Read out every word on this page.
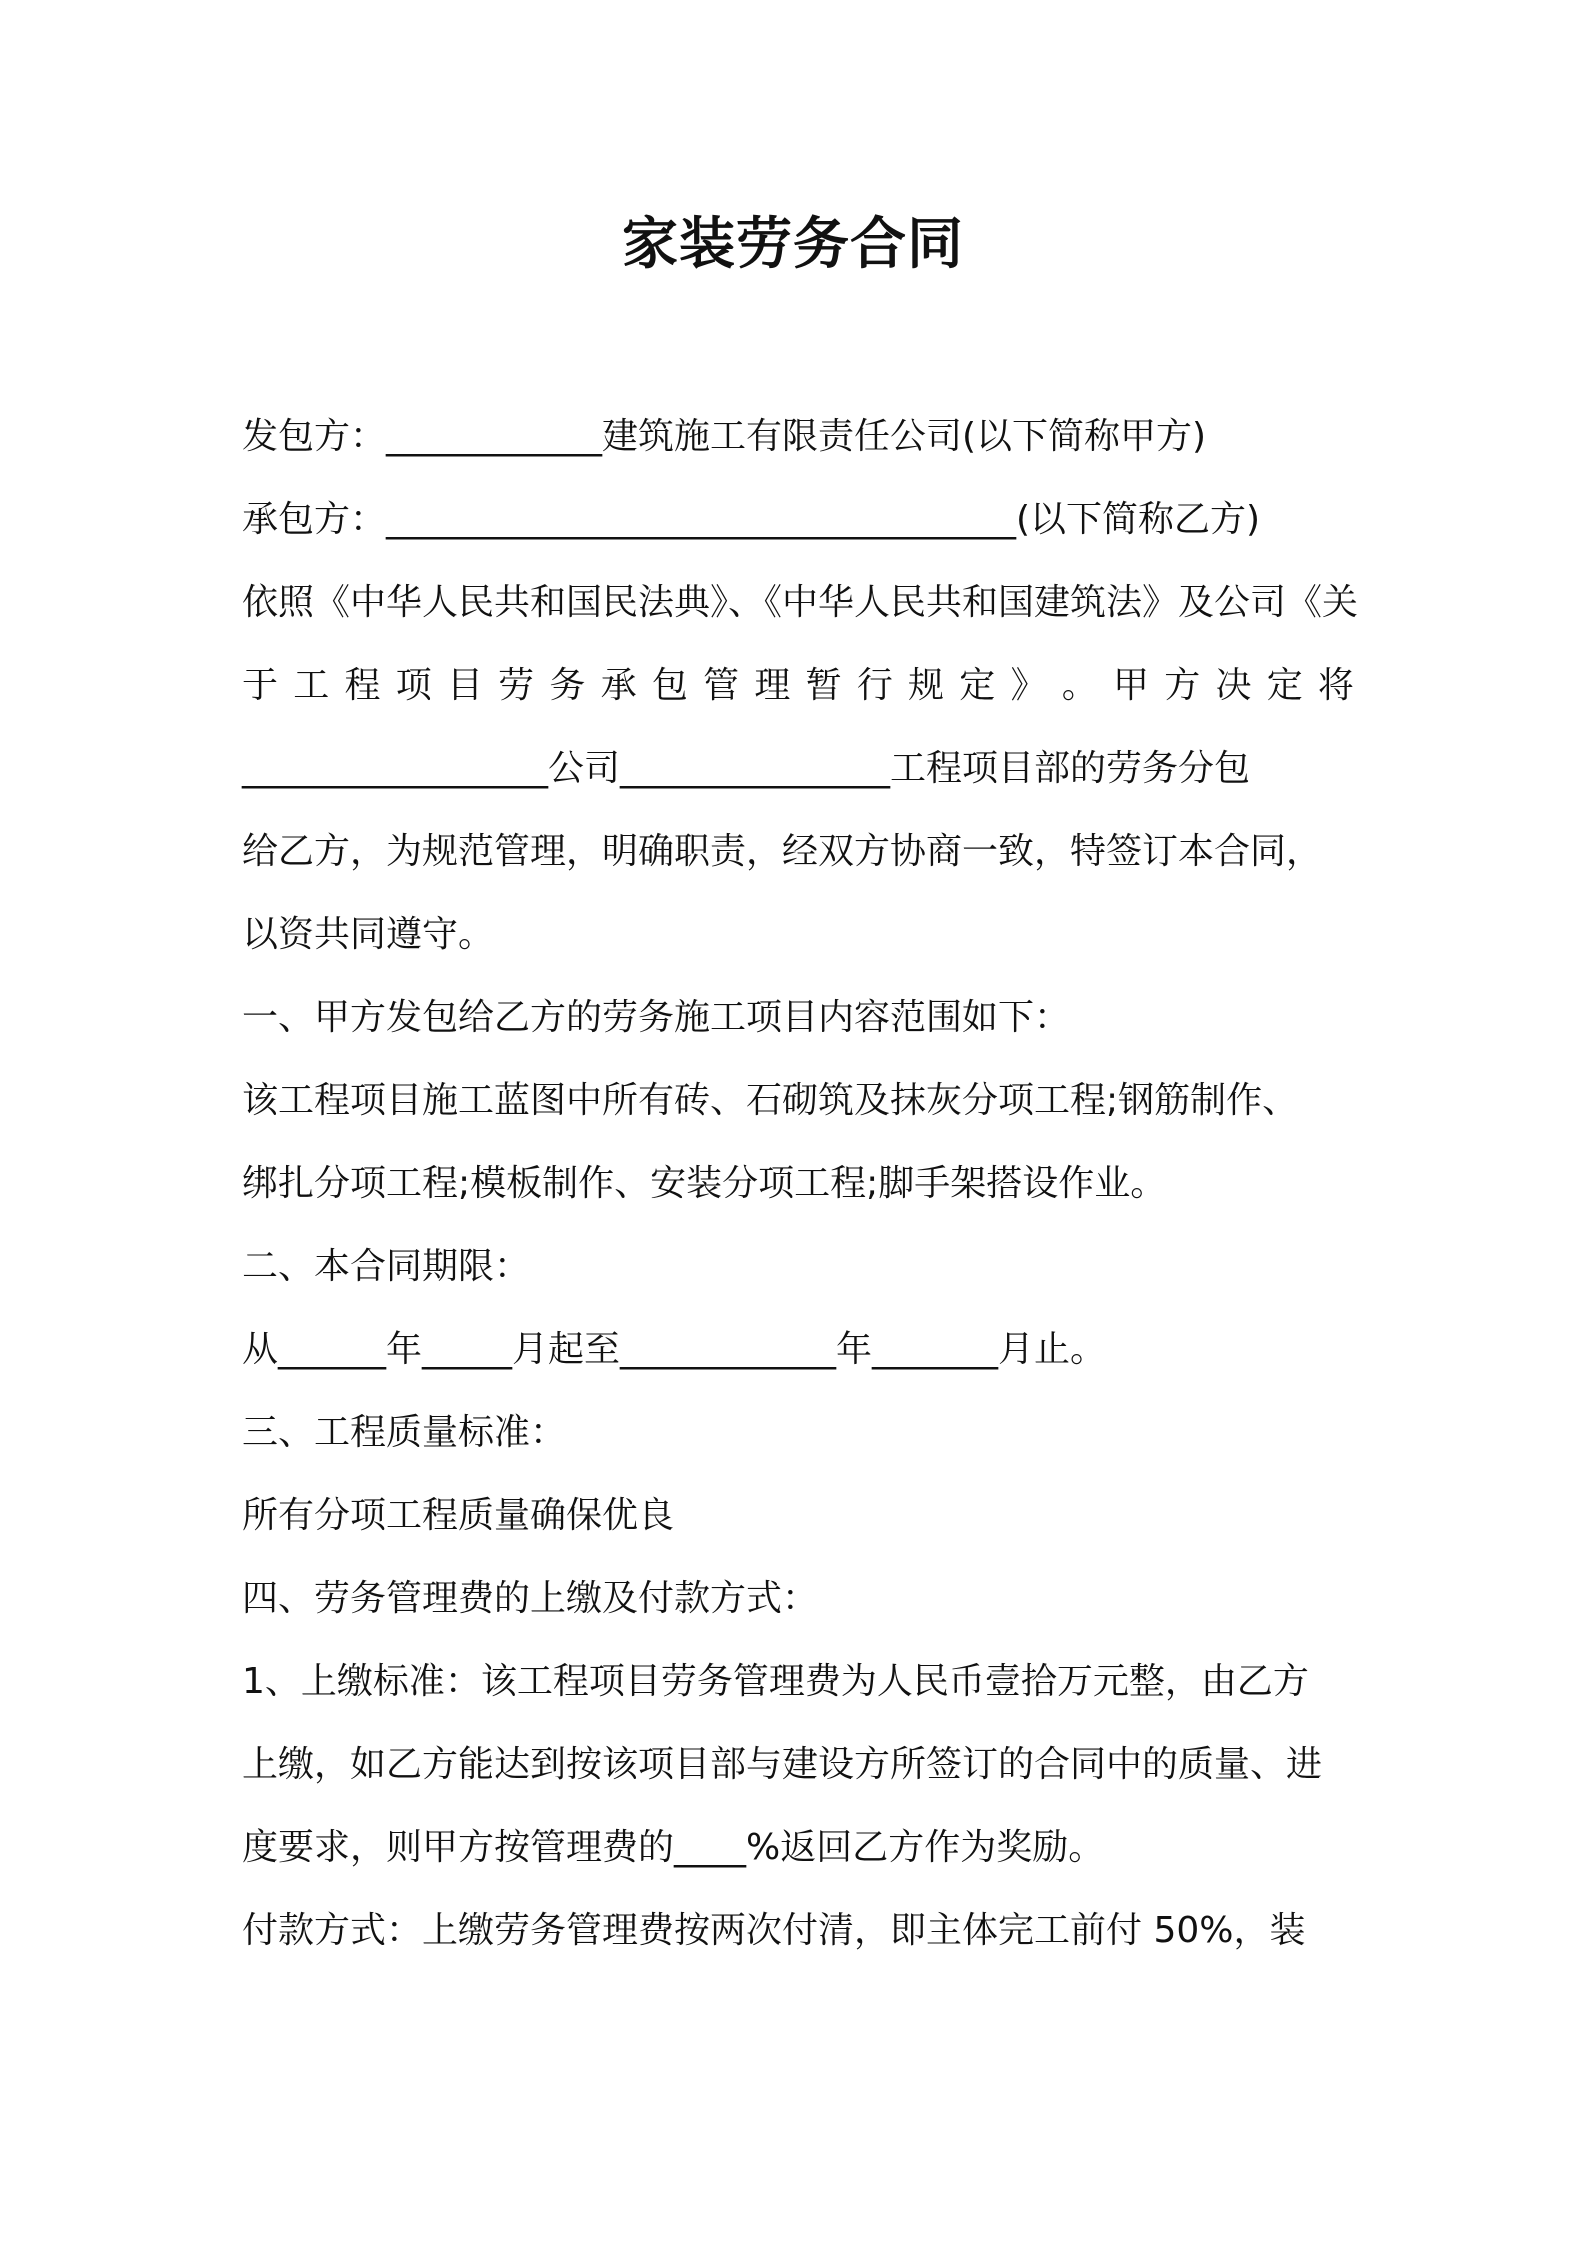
家装劳务合同

发包方：____________建筑施工有限责任公司(以下简称甲方)

承包方：___________________________________(以下简称乙方)

依照《中华人民共和国民法典》、《中华人民共和国建筑法》及公司《关

于 工 程 项 目 劳 务 承 包 管 理 暂 行 规 定 》 。 甲 方 决 定 将

_________________公司_______________工程项目部的劳务分包

给乙方，为规范管理，明确职责，经双方协商一致，特签订本合同，

以资共同遵守。

一、甲方发包给乙方的劳务施工项目内容范围如下：

该工程项目施工蓝图中所有砖、石砌筑及抹灰分项工程;钢筋制作、

绑扎分项工程;模板制作、安装分项工程;脚手架搭设作业。

二、本合同期限：

从______年_____月起至____________年_______月止。

三、工程质量标准：

所有分项工程质量确保优良

四、劳务管理费的上缴及付款方式：

1、上缴标准：该工程项目劳务管理费为人民币壹拾万元整，由乙方

上缴，如乙方能达到按该项目部与建设方所签订的合同中的质量、进

度要求，则甲方按管理费的____%返回乙方作为奖励。

付款方式：上缴劳务管理费按两次付清，即主体完工前付 50%，装
